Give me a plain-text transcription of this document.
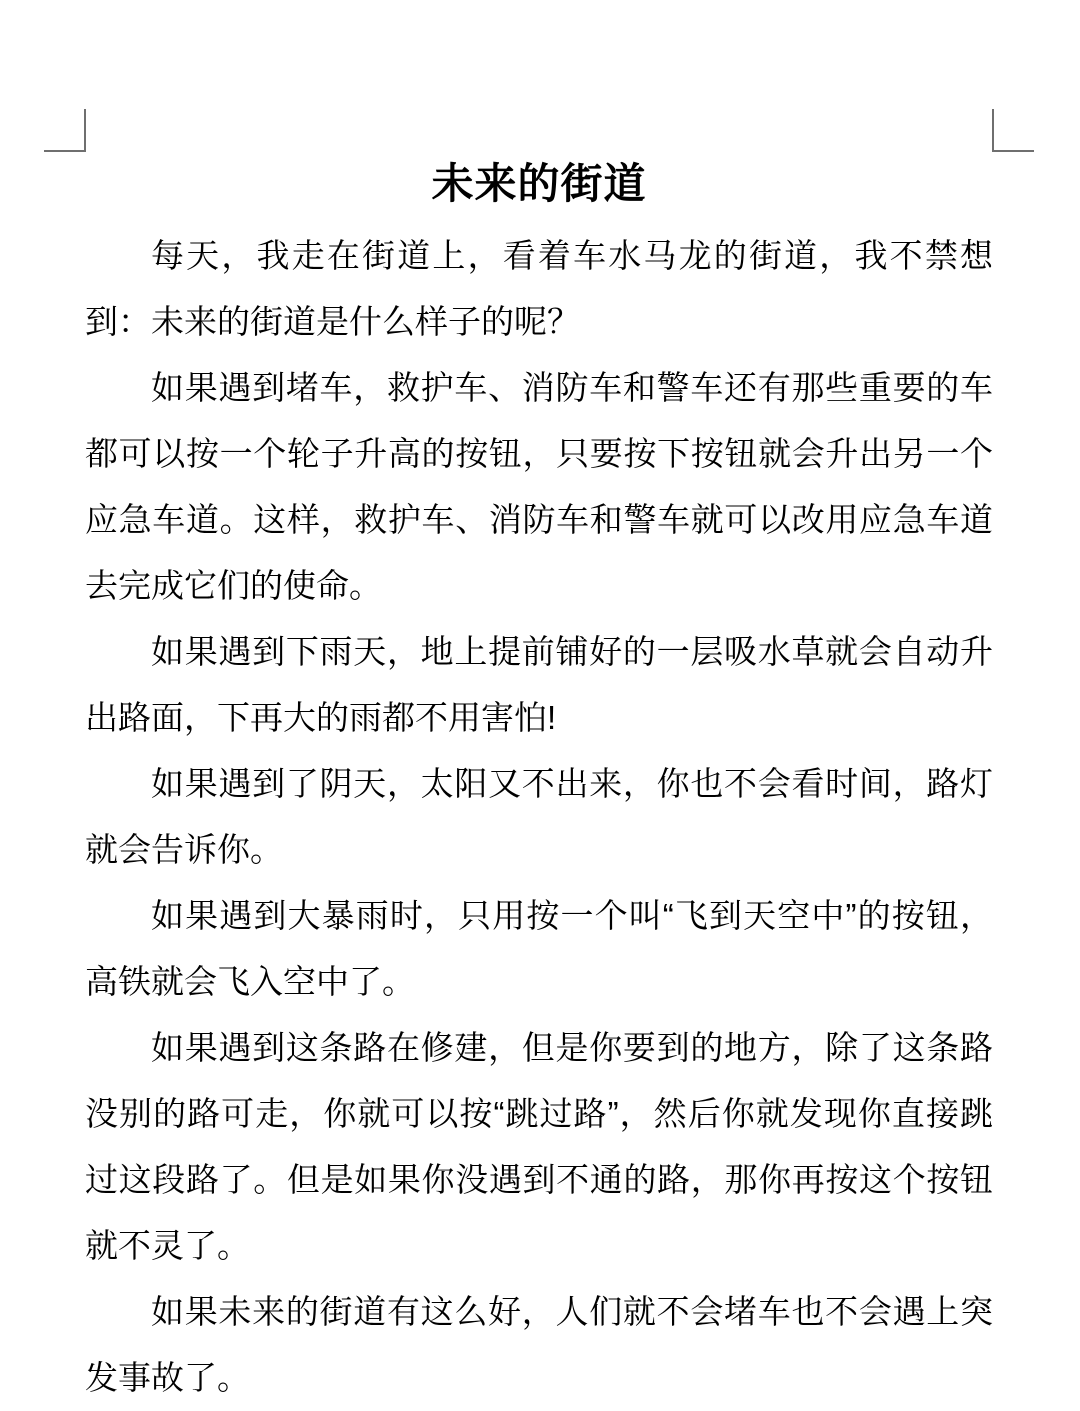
未来的街道

每天，我走在街道上，看着车水马龙的街道，我不禁想到：未来的街道是什么样子的呢？

如果遇到堵车，救护车、消防车和警车还有那些重要的车都可以按一个轮子升高的按钮，只要按下按钮就会升出另一个应急车道。这样，救护车、消防车和警车就可以改用应急车道去完成它们的使命。

如果遇到下雨天，地上提前铺好的一层吸水草就会自动升出路面，下再大的雨都不用害怕!

如果遇到了阴天，太阳又不出来，你也不会看时间，路灯就会告诉你。

如果遇到大暴雨时，只用按一个叫“飞到天空中”的按钮，高铁就会飞入空中了。

如果遇到这条路在修建，但是你要到的地方，除了这条路没别的路可走，你就可以按“跳过路”，然后你就发现你直接跳过这段路了。但是如果你没遇到不通的路，那你再按这个按钮就不灵了。

如果未来的街道有这么好，人们就不会堵车也不会遇上突发事故了。
